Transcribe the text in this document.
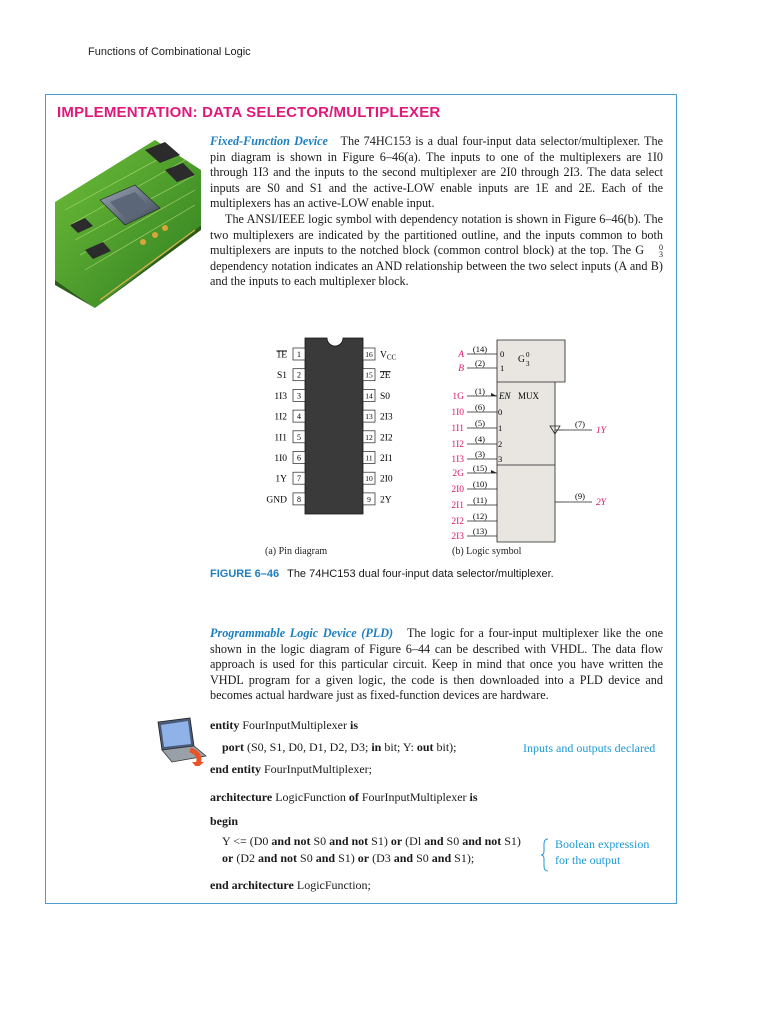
Functions of Combinational Logic
IMPLEMENTATION: DATA SELECTOR/MULTIPLEXER
Fixed-Function Device The 74HC153 is a dual four-input data selector/multiplexer. The pin diagram is shown in Figure 6–46(a). The inputs to one of the multiplexers are 1I0 through 1I3 and the inputs to the second multiplexer are 2I0 through 2I3. The data select inputs are S0 and S1 and the active-LOW enable inputs are 1E and 2E. Each of the multiplexers has an active-LOW enable input.
The ANSI/IEEE logic symbol with dependency notation is shown in Figure 6–46(b). The two multiplexers are indicated by the partitioned outline, and the inputs common to both multiplexers are inputs to the notched block (common control block) at the top. The G	0
3
dependency notation indicates an AND relationship between the two select inputs (A and B) and the inputs to each multiplexer block.
1
1E
2
S1
3
1I3
4
1I2
5
1I1
6
1I0
7
1Y
8
GND
16 $V_{CC}$
15 2E
14 S0
13 2I3
12 2I2
11 2I1
10 2I0
9 2Y
(a) Pin diagram
A
(14) 0
B
(2) 1
G 0
3
1G
(1)
1I0
(6)
1I1
(5)
1I2
(4)
1I3
(3)
EN MUX
0
1
2
3
(7)
1Y
2G
(15)
2I0
(10)
2I1
(11)
2I2
(12)
2I3
(13)
(9)
2Y
(b) Logic symbol
FIGURE 6–46 The 74HC153 dual four-input data selector/multiplexer.
Programmable Logic Device (PLD) The logic for a four-input multiplexer like the one shown in the logic diagram of Figure 6–44 can be described with VHDL. The data flow approach is used for this particular circuit. Keep in mind that once you have written the VHDL program for a given logic, the code is then downloaded into a PLD device and becomes actual hardware just as fixed-function devices are hardware.
entity FourInputMultiplexer is
port (S0, S1, D0, D1, D2, D3; in bit; Y: out bit);
end entity FourInputMultiplexer;
architecture LogicFunction of FourInputMultiplexer is
begin
Y <= (D0 and not S0 and not S1) or (Dl and S0 and not S1)
or (D2 and not S0 and S1) or (D3 and S0 and S1);
end architecture LogicFunction;
Inputs and outputs declared
Boolean expression
for the output
